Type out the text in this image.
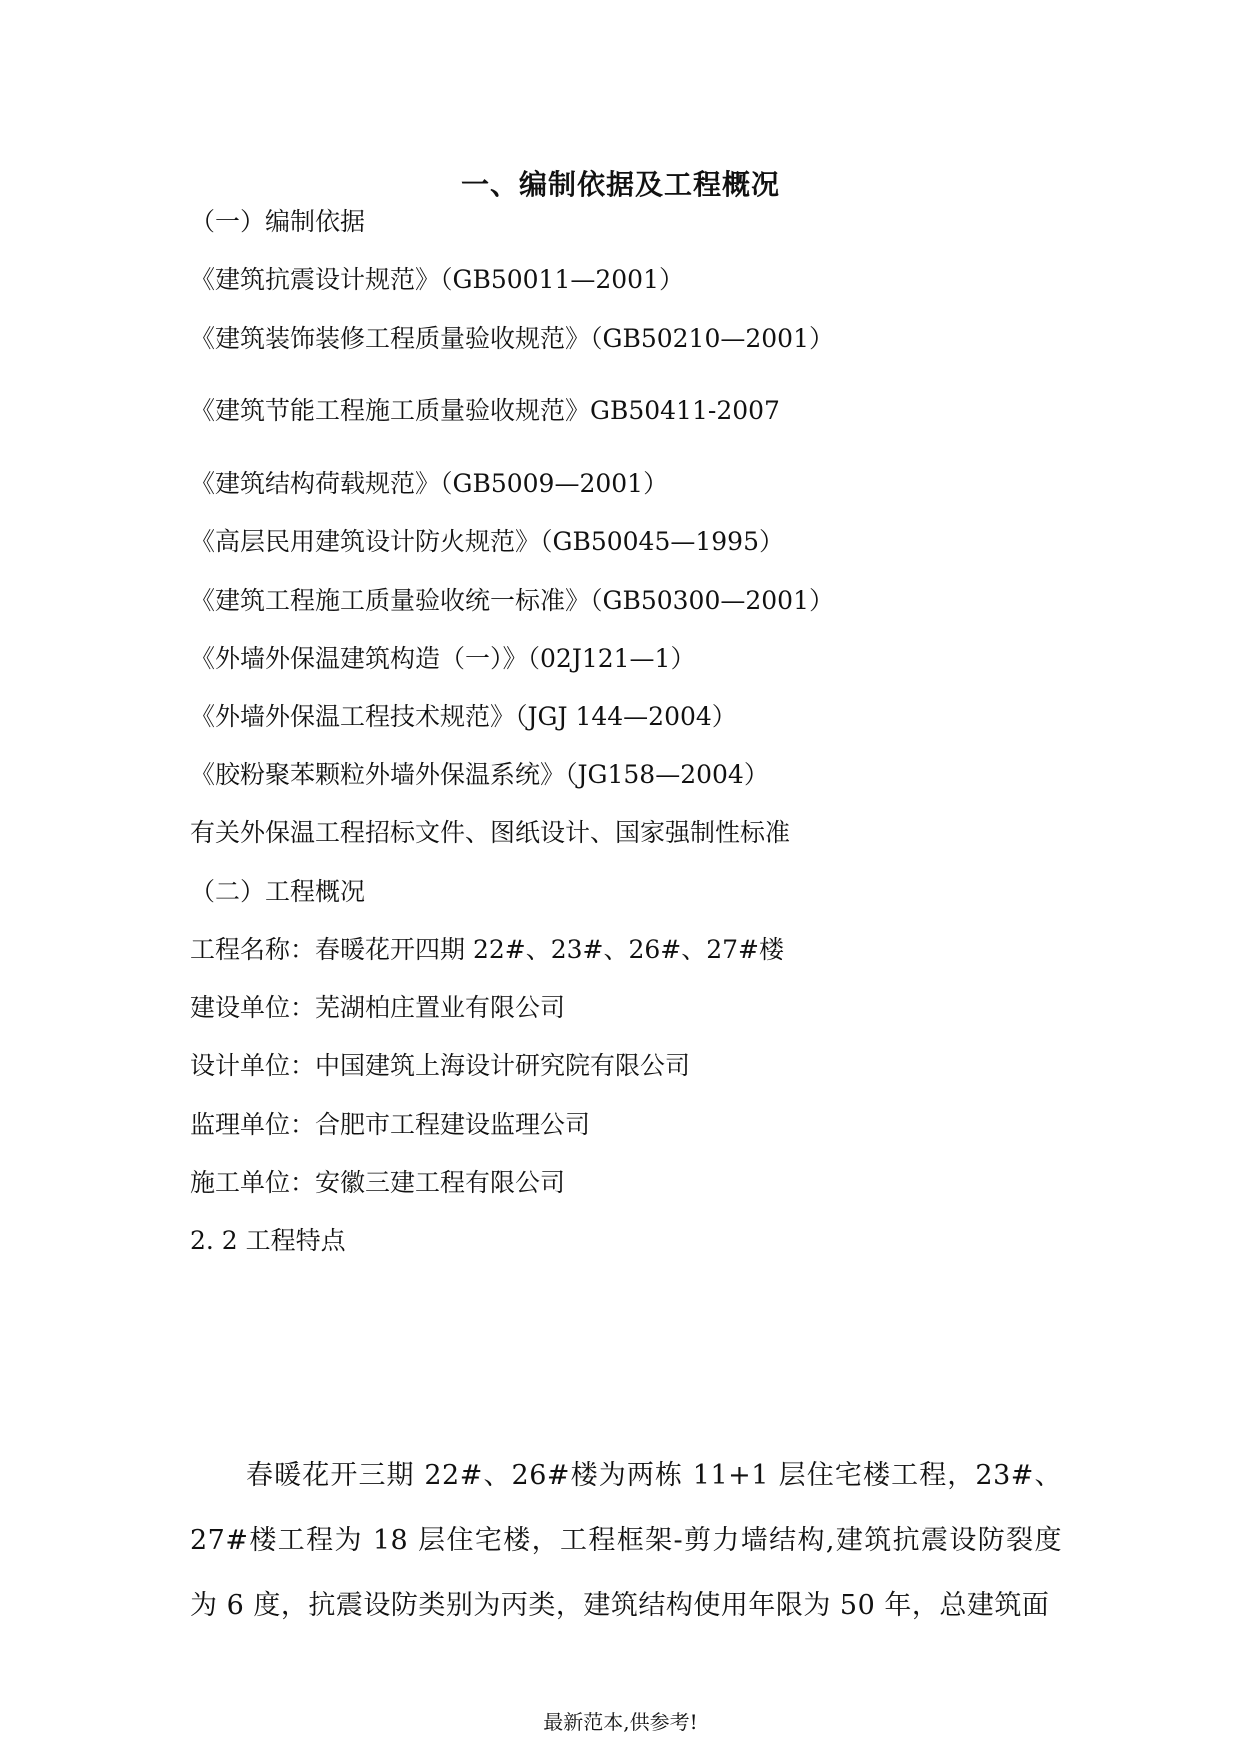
一、编制依据及工程概况
（一）编制依据
《建筑抗震设计规范》（GB50011—2001）
《建筑装饰装修工程质量验收规范》（GB50210—2001）
《建筑节能工程施工质量验收规范》GB50411-2007
《建筑结构荷载规范》（GB5009—2001）
《高层民用建筑设计防火规范》（GB50045—1995）
《建筑工程施工质量验收统一标准》（GB50300—2001）
《外墙外保温建筑构造（一）》（02J121—1）
《外墙外保温工程技术规范》（JGJ 144—2004）
《胶粉聚苯颗粒外墙外保温系统》（JG158—2004）
有关外保温工程招标文件、图纸设计、国家强制性标准
（二）工程概况
工程名称：春暖花开四期 22#、23#、26#、27#楼
建设单位：芜湖柏庄置业有限公司
设计单位：中国建筑上海设计研究院有限公司
监理单位：合肥市工程建设监理公司
施工单位：安徽三建工程有限公司
2. 2 工程特点
春暖花开三期 22#、26#楼为两栋 11+1 层住宅楼工程，23#、27#楼工程为 18 层住宅楼，工程框架-剪力墙结构,建筑抗震设防裂度为 6 度，抗震设防类别为丙类，建筑结构使用年限为 50 年，总建筑面
最新范本,供参考!
